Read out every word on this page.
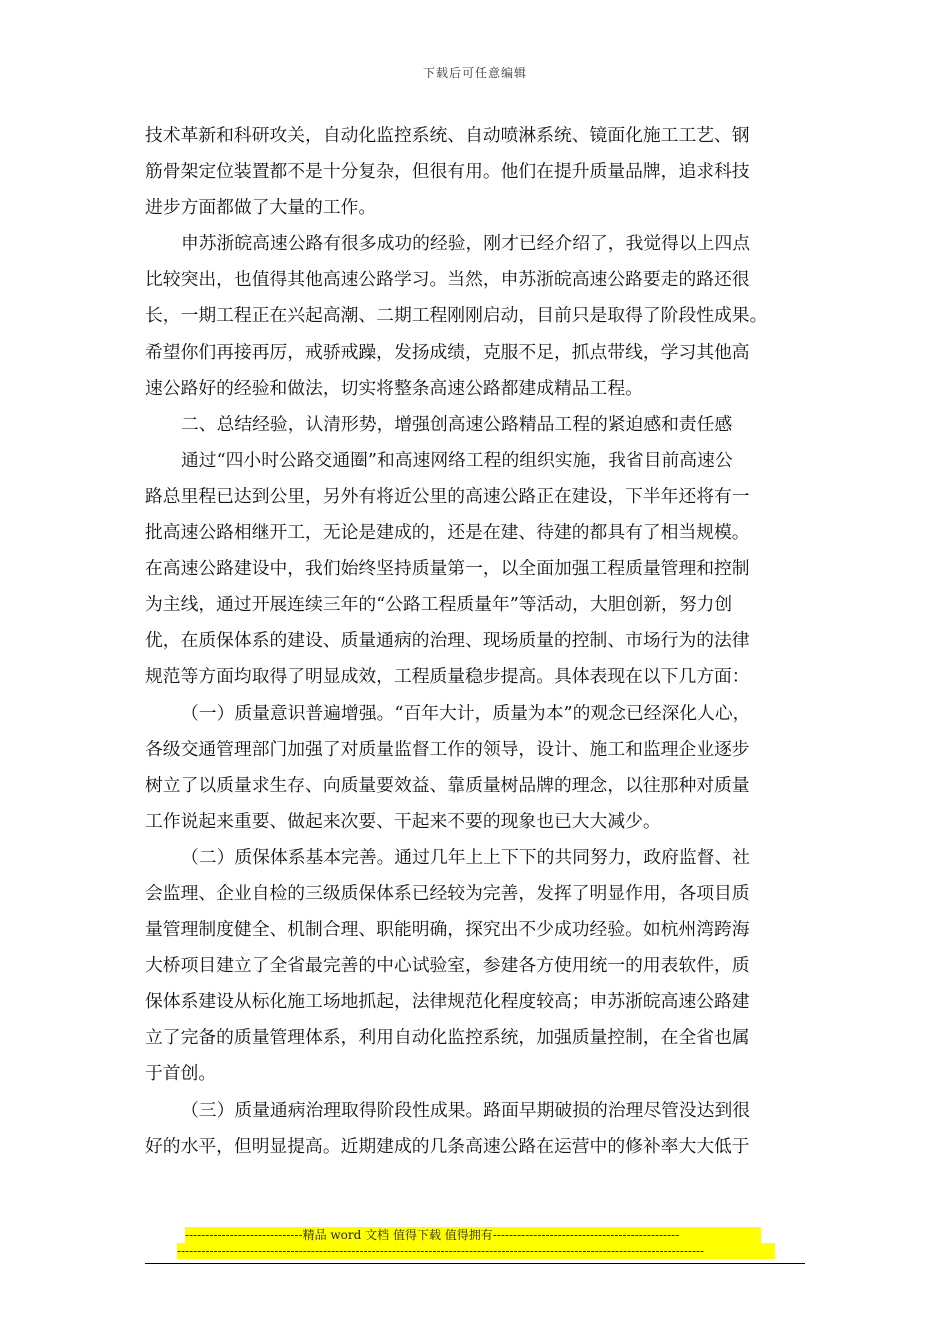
下载后可任意编辑
技术革新和科研攻关，自动化监控系统、自动喷淋系统、镜面化施工工艺、钢
筋骨架定位装置都不是十分复杂，但很有用。他们在提升质量品牌，追求科技
进步方面都做了大量的工作。
申苏浙皖高速公路有很多成功的经验，刚才已经介绍了，我觉得以上四点
比较突出，也值得其他高速公路学习。当然，申苏浙皖高速公路要走的路还很
长，一期工程正在兴起高潮、二期工程刚刚启动，目前只是取得了阶段性成果。
希望你们再接再厉，戒骄戒躁，发扬成绩，克服不足，抓点带线，学习其他高
速公路好的经验和做法，切实将整条高速公路都建成精品工程。
二、总结经验，认清形势，增强创高速公路精品工程的紧迫感和责任感
通过“四小时公路交通圈”和高速网络工程的组织实施，我省目前高速公
路总里程已达到公里，另外有将近公里的高速公路正在建设，下半年还将有一
批高速公路相继开工，无论是建成的，还是在建、待建的都具有了相当规模。
在高速公路建设中，我们始终坚持质量第一，以全面加强工程质量管理和控制
为主线，通过开展连续三年的“公路工程质量年”等活动，大胆创新，努力创
优，在质保体系的建设、质量通病的治理、现场质量的控制、市场行为的法律
规范等方面均取得了明显成效，工程质量稳步提高。具体表现在以下几方面：
（一）质量意识普遍增强。“百年大计，质量为本”的观念已经深化人心，
各级交通管理部门加强了对质量监督工作的领导，设计、施工和监理企业逐步
树立了以质量求生存、向质量要效益、靠质量树品牌的理念，以往那种对质量
工作说起来重要、做起来次要、干起来不要的现象也已大大减少。
（二）质保体系基本完善。通过几年上上下下的共同努力，政府监督、社
会监理、企业自检的三级质保体系已经较为完善，发挥了明显作用，各项目质
量管理制度健全、机制合理、职能明确，探究出不少成功经验。如杭州湾跨海
大桥项目建立了全省最完善的中心试验室，参建各方使用统一的用表软件，质
保体系建设从标化施工场地抓起，法律规范化程度较高；申苏浙皖高速公路建
立了完备的质量管理体系，利用自动化监控系统，加强质量控制，在全省也属
于首创。
（三）质量通病治理取得阶段性成果。路面早期破损的治理尽管没达到很
好的水平，但明显提高。近期建成的几条高速公路在运营中的修补率大大低于
-----------------------------精品 word 文档 值得下载 值得拥有----------------------------------------------
----------------------------------------------------------------------------------------------------------------------------------
